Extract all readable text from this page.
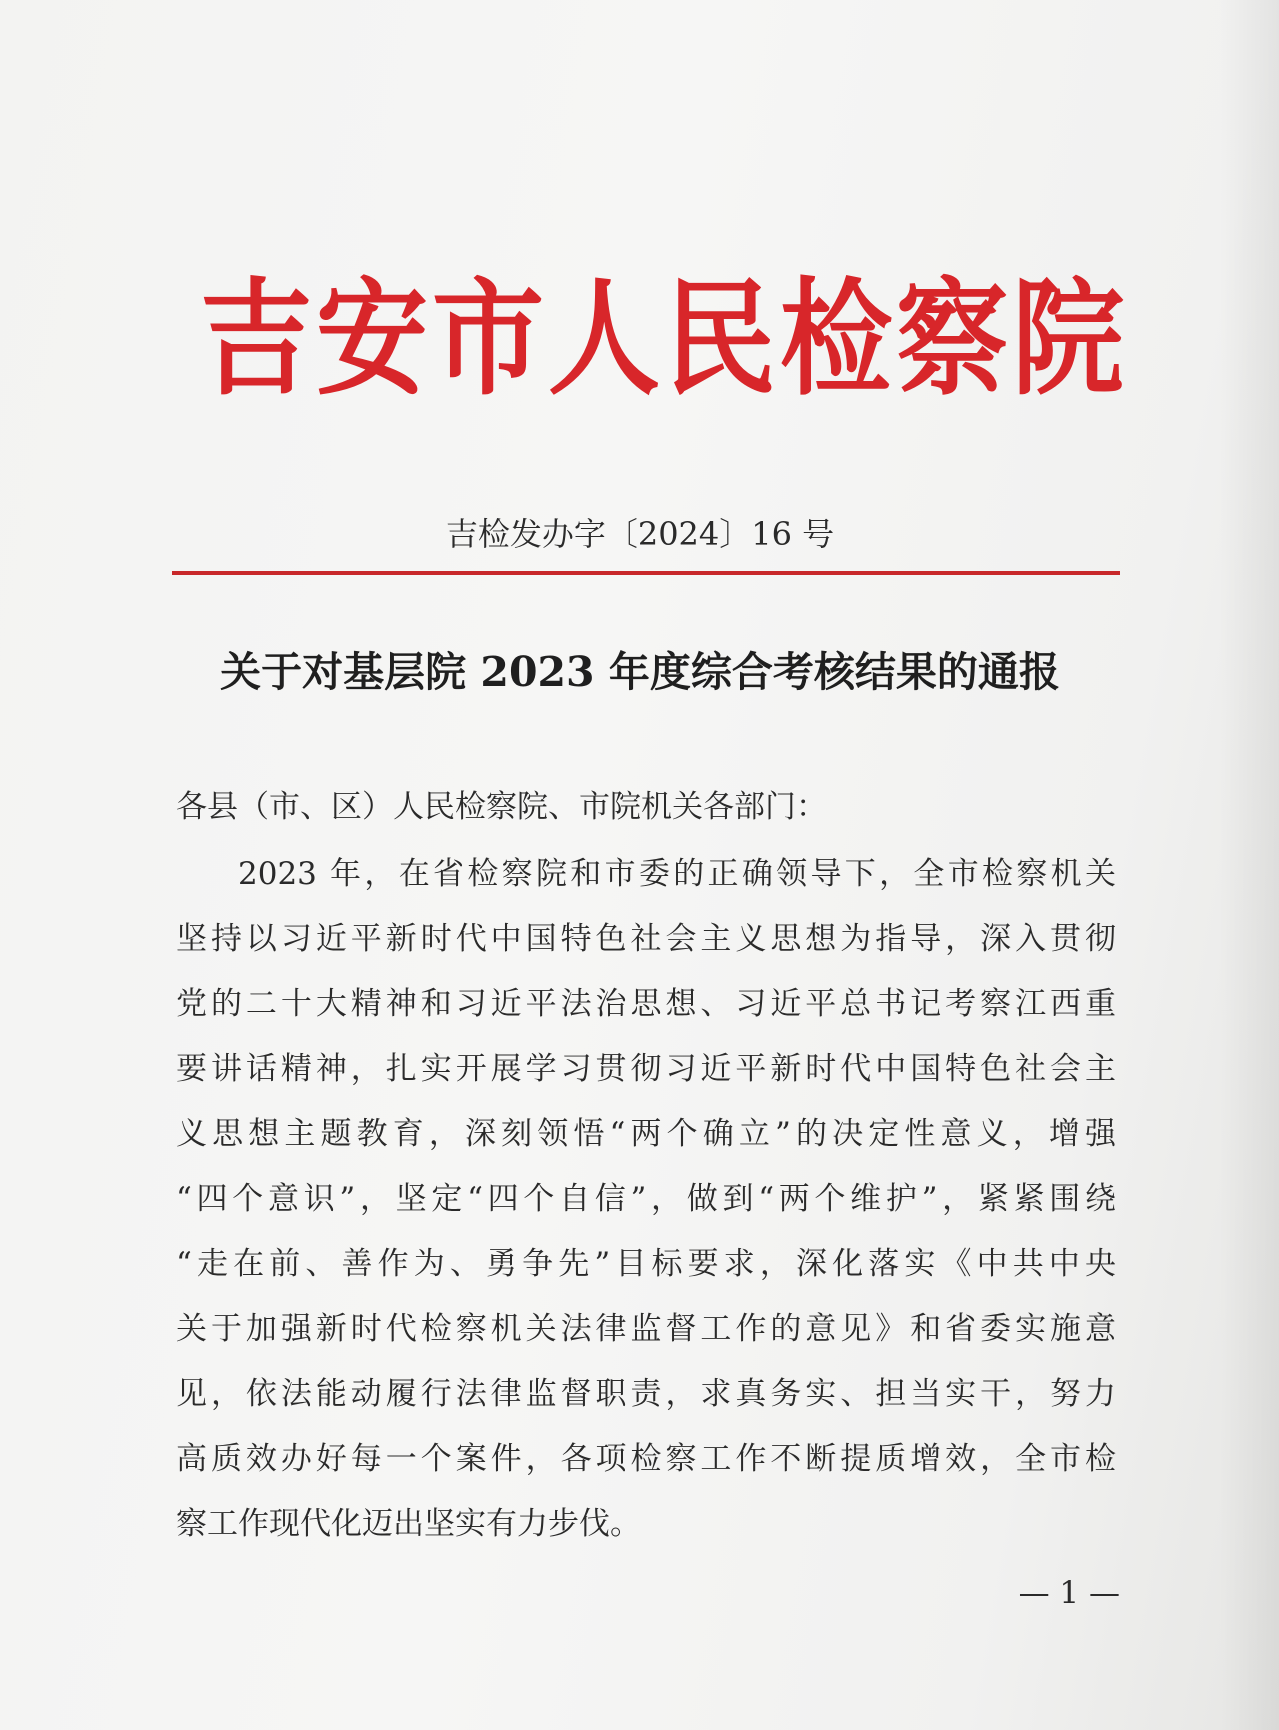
吉安市人民检察院
吉检发办字〔2024〕16 号
关于对基层院 2023 年度综合考核结果的通报
各县（市、区）人民检察院、市院机关各部门：
2023 年，在省检察院和市委的正确领导下，全市检察机关
坚持以习近平新时代中国特色社会主义思想为指导，深入贯彻
党的二十大精神和习近平法治思想、习近平总书记考察江西重
要讲话精神，扎实开展学习贯彻习近平新时代中国特色社会主
义思想主题教育，深刻领悟“两个确立”的决定性意义，增强
“四个意识”，坚定“四个自信”，做到“两个维护”，紧紧围绕
“走在前、善作为、勇争先”目标要求，深化落实《中共中央
关于加强新时代检察机关法律监督工作的意见》和省委实施意
见，依法能动履行法律监督职责，求真务实、担当实干，努力
高质效办好每一个案件，各项检察工作不断提质增效，全市检
察工作现代化迈出坚实有力步伐。
— 1 —
